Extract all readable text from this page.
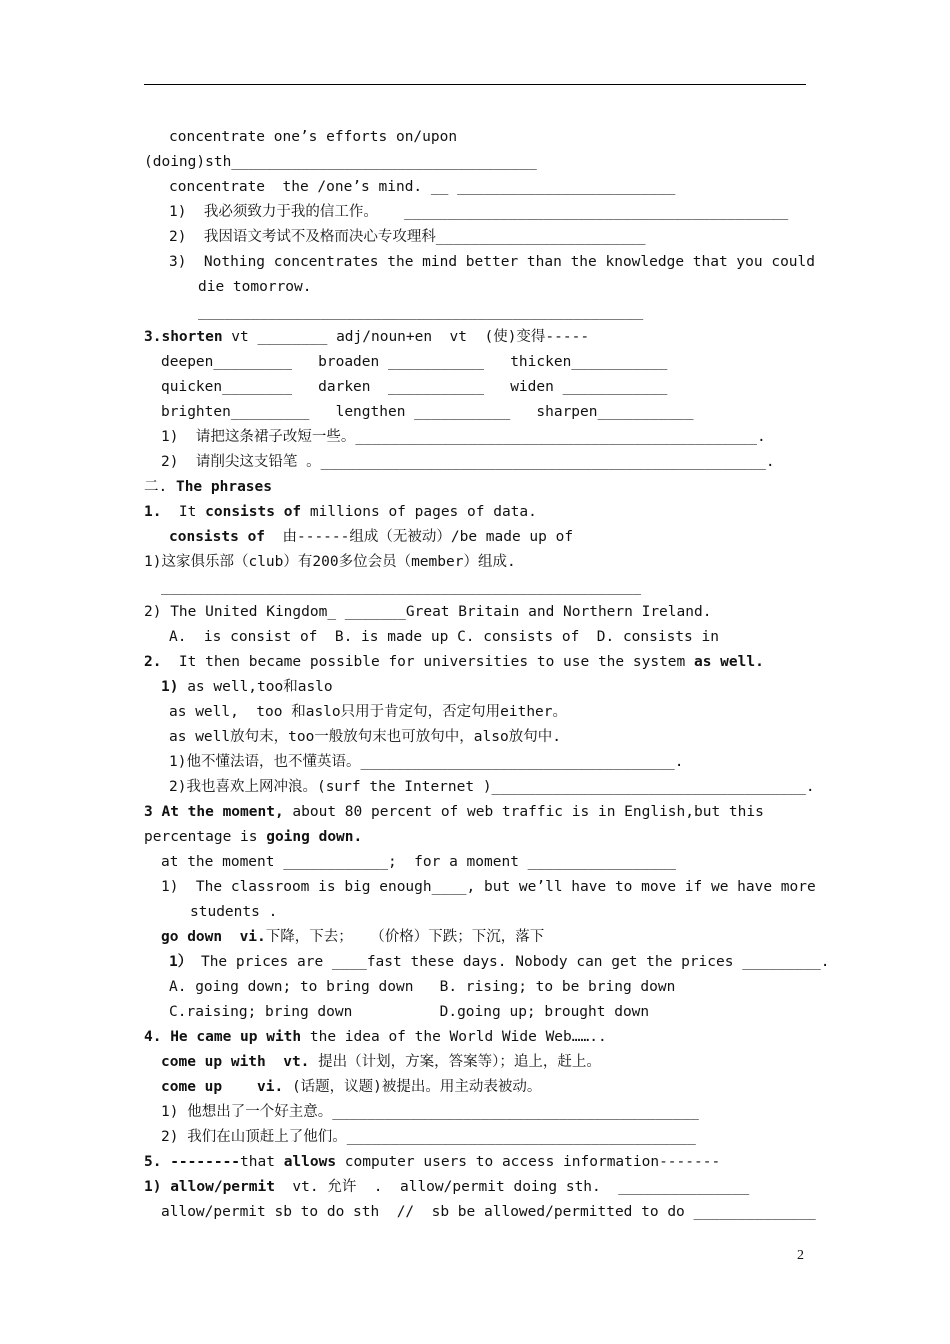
concentrate one’s efforts on/upon
(doing)sth___________________________________
concentrate  the /one’s mind. __ _________________________
1)  我必须致力于我的信工作。   ____________________________________________
2)  我因语文考试不及格而决心专攻理科________________________
3)  Nothing concentrates the mind better than the knowledge that you could
die tomorrow.
___________________________________________________
3.shorten vt ________ adj/noun+en  vt  (使)变得-----
deepen_________   broaden ___________   thicken___________
quicken________   darken  ___________   widen ____________
brighten_________   lengthen ___________   sharpen___________
1)  请把这条裙子改短一些。______________________________________________.
2)  请削尖这支铅笔 。___________________________________________________.
二. The phrases
1.  It consists of millions of pages of data.
consists of  由------组成（无被动）/be made up of
1)这家俱乐部（club）有200多位会员（member）组成.
_______________________________________________________
2) The United Kingdom_ _______Great Britain and Northern Ireland.
A.  is consist of  B. is made up C. consists of  D. consists in
2.  It then became possible for universities to use the system as well.
1) as well,too和aslo
as well,  too 和aslo只用于肯定句，否定句用either。
as well放句末，too一般放句末也可放句中，also放句中.
1)他不懂法语，也不懂英语。____________________________________.
2)我也喜欢上网冲浪。(surf the Internet )____________________________________.
3 At the moment, about 80 percent of web traffic is in English,but this
percentage is going down.
at the moment ____________;  for a moment _________________
1)  The classroom is big enough____, but we’ll have to move if we have more
students .
go down  vi.下降，下去；  （价格）下跌；下沉，落下
1） The prices are ____fast these days. Nobody can get the prices _________.
A. going down; to bring down   B. rising; to be bring down
C.raising; bring down          D.going up; brought down
4. He came up with the idea of the World Wide Web……..
come up with  vt. 提出（计划，方案，答案等）；追上，赶上。
come up    vi. (话题，议题)被提出。用主动表被动。
1) 他想出了一个好主意。__________________________________________
2) 我们在山顶赶上了他们。________________________________________
5. --------that allows computer users to access information-------
1) allow/permit  vt. 允许  .  allow/permit doing sth.  _______________
allow/permit sb to do sth  //  sb be allowed/permitted to do ______________
2
